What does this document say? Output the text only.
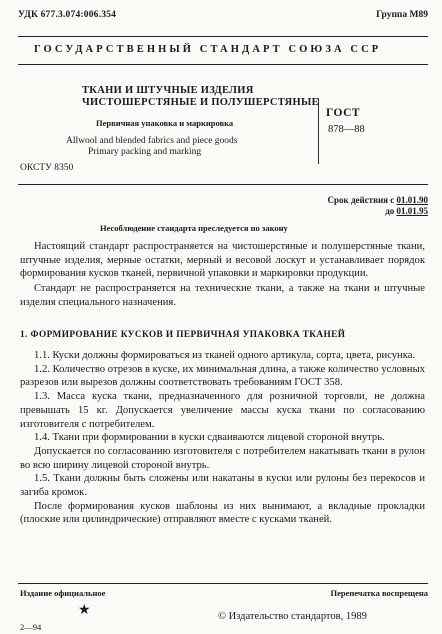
УДК 677.3.074:006.354	Группа М89
ГОСУДАРСТВЕННЫЙ СТАНДАРТ СОЮЗА ССР
ТКАНИ И ШТУЧНЫЕ ИЗДЕЛИЯ
ЧИСТОШЕРСТЯНЫЕ И ПОЛУШЕРСТЯНЫЕ
Первичная упаковка и маркировка
Allwool and blended fabrics and piece goods
Primary packing and marking
ГОСТ
878—88
ОКСТУ 8350
Срок действия с 01.01.90
до 01.01.95
Несоблюдение стандарта преследуется по закону

Настоящий стандарт распространяется на чистошерстяные и полушерстяные ткани, штучные изделия, мерные остатки, мерный и весовой лоскут и устанавливает порядок формирования кусков тканей, первичной упаковки и маркировки продукции.

Стандарт не распространяется на технические ткани, а также на ткани и штучные изделия специального назначения.

1. ФОРМИРОВАНИЕ КУСКОВ И ПЕРВИЧНАЯ УПАКОВКА ТКАНЕЙ

1.1. Куски должны формироваться из тканей одного артикула, сорта, цвета, рисунка.

1.2. Количество отрезов в куске, их минимальная длина, а также количество условных разрезов или вырезов должны соответствовать требованиям ГОСТ 358.

1.3. Масса куска ткани, предназначенного для розничной торговли, не должна превышать 15 кг. Допускается увеличение массы куска ткани по согласованию изготовителя с потребителем.

1.4. Ткани при формировании в куски сдваиваются лицевой стороной внутрь.

Допускается по согласованию изготовителя с потребителем накатывать ткани в рулон во всю ширину лицевой стороной внутрь.

1.5. Ткани должны быть сложены или накатаны в куски или рулоны без перекосов и загиба кромок.

После формирования кусков шаблоны из них вынимают, а вкладные прокладки (плоские или цилиндрические) отправляют вместе с кусками тканей.

Издание официальное	Перепечатка воспрещена
★	© Издательство стандартов, 1989
2—94
